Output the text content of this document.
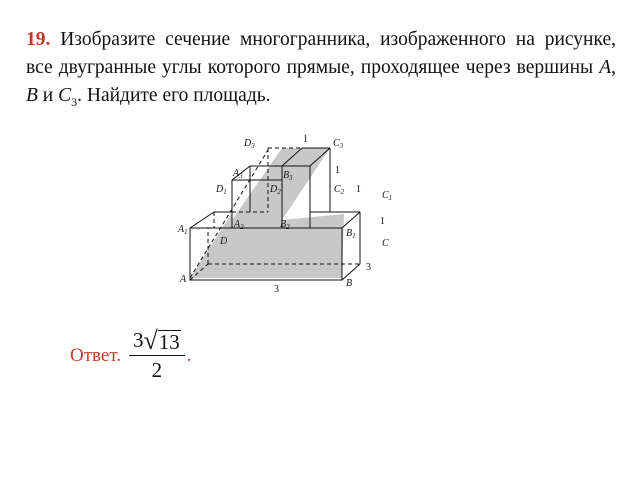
19. Изобразите сечение многогранника, изображенного на рисунке, все двугранные углы которого прямые, проходящее через вершины A, B и $C_3$. Найдите его площадь.
$D_3$	$C_3$
$A_3$	$B_3$
$D_1$	$D_2$	$C_2$	$C_1$
$A_2$	$B_2$
$A_1$	$B_1$
D	C
A	B
1
1
1
1
3
3
Ответ. $\frac{3 √ 13}{2}$ .
